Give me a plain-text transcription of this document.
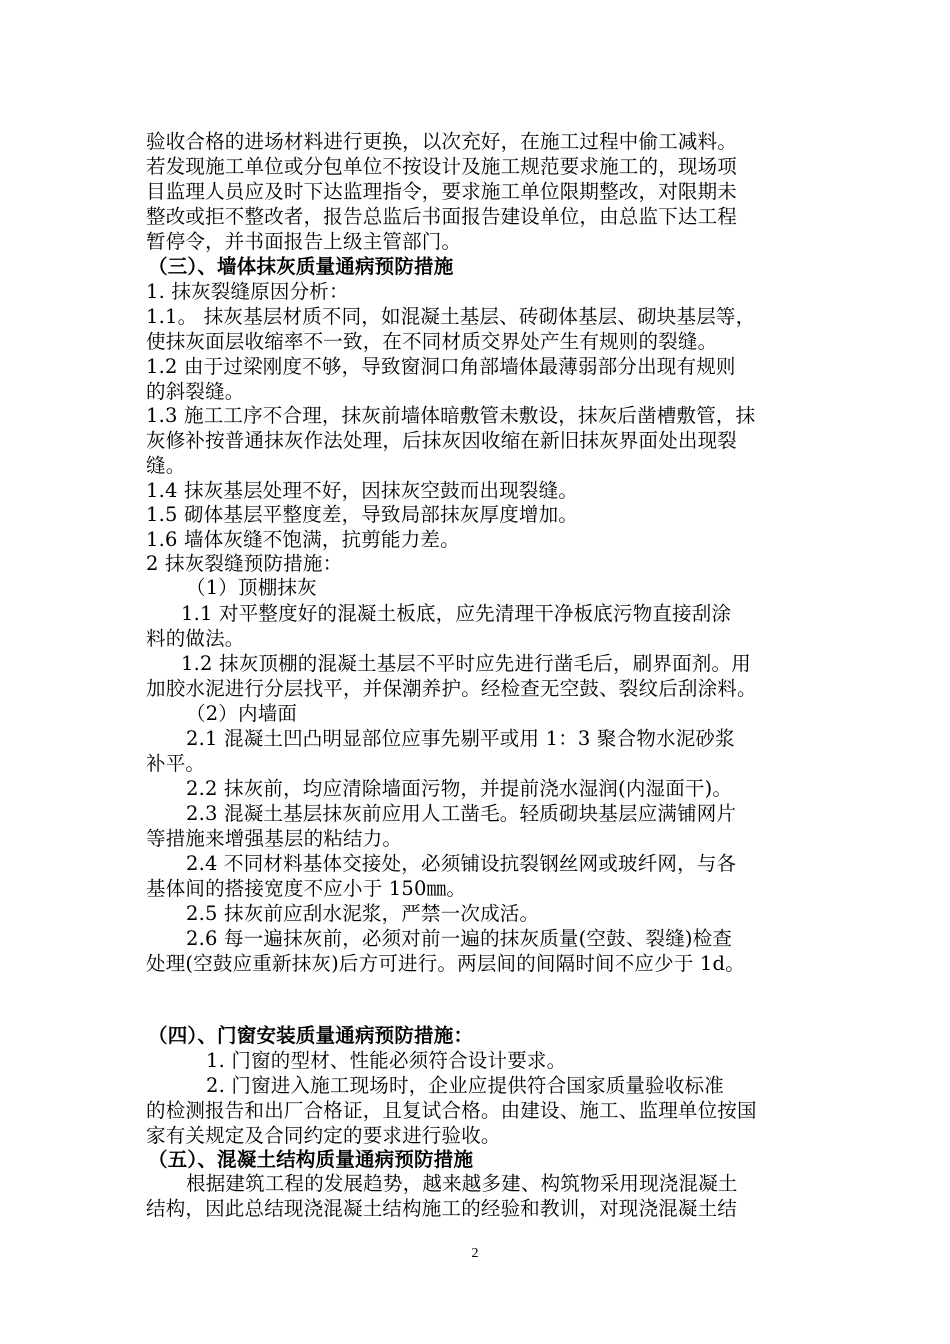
验收合格的进场材料进行更换，以次充好，在施工过程中偷工减料。
若发现施工单位或分包单位不按设计及施工规范要求施工的，现场项
目监理人员应及时下达监理指令，要求施工单位限期整改，对限期未
整改或拒不整改者，报告总监后书面报告建设单位，由总监下达工程
暂停令，并书面报告上级主管部门。
（三）、墙体抹灰质量通病预防措施
1. 抹灰裂缝原因分析：
1.1。 抹灰基层材质不同，如混凝土基层、砖砌体基层、砌块基层等，
使抹灰面层收缩率不一致，在不同材质交界处产生有规则的裂缝。
1.2 由于过梁刚度不够，导致窗洞口角部墙体最薄弱部分出现有规则
的斜裂缝。
1.3 施工工序不合理，抹灰前墙体暗敷管未敷设，抹灰后凿槽敷管，抹
灰修补按普通抹灰作法处理，后抹灰因收缩在新旧抹灰界面处出现裂
缝。
1.4 抹灰基层处理不好，因抹灰空鼓而出现裂缝。
1.5 砌体基层平整度差，导致局部抹灰厚度增加。
1.6 墙体灰缝不饱满，抗剪能力差。
2 抹灰裂缝预防措施：
（1）顶棚抹灰
1.1 对平整度好的混凝土板底，应先清理干净板底污物直接刮涂
料的做法。
1.2 抹灰顶棚的混凝土基层不平时应先进行凿毛后，刷界面剂。用
加胶水泥进行分层找平，并保潮养护。经检查无空鼓、裂纹后刮涂料。
（2）内墙面
2.1 混凝土凹凸明显部位应事先剔平或用 1：3 聚合物水泥砂浆
补平。
2.2 抹灰前，均应清除墙面污物，并提前浇水湿润(内湿面干)。
2.3 混凝土基层抹灰前应用人工凿毛。轻质砌块基层应满铺网片
等措施来增强基层的粘结力。
2.4 不同材料基体交接处，必须铺设抗裂钢丝网或玻纤网，与各
基体间的搭接宽度不应小于 150㎜。
2.5 抹灰前应刮水泥浆，严禁一次成活。
2.6 每一遍抹灰前，必须对前一遍的抹灰质量(空鼓、裂缝)检查
处理(空鼓应重新抹灰)后方可进行。两层间的间隔时间不应少于 1d。
（四）、门窗安装质量通病预防措施：
1. 门窗的型材、性能必须符合设计要求。
2. 门窗进入施工现场时，企业应提供符合国家质量验收标准
的检测报告和出厂合格证，且复试合格。由建设、施工、监理单位按国
家有关规定及合同约定的要求进行验收。
（五）、混凝土结构质量通病预防措施
根据建筑工程的发展趋势，越来越多建、构筑物采用现浇混凝土
结构，因此总结现浇混凝土结构施工的经验和教训，对现浇混凝土结
2
